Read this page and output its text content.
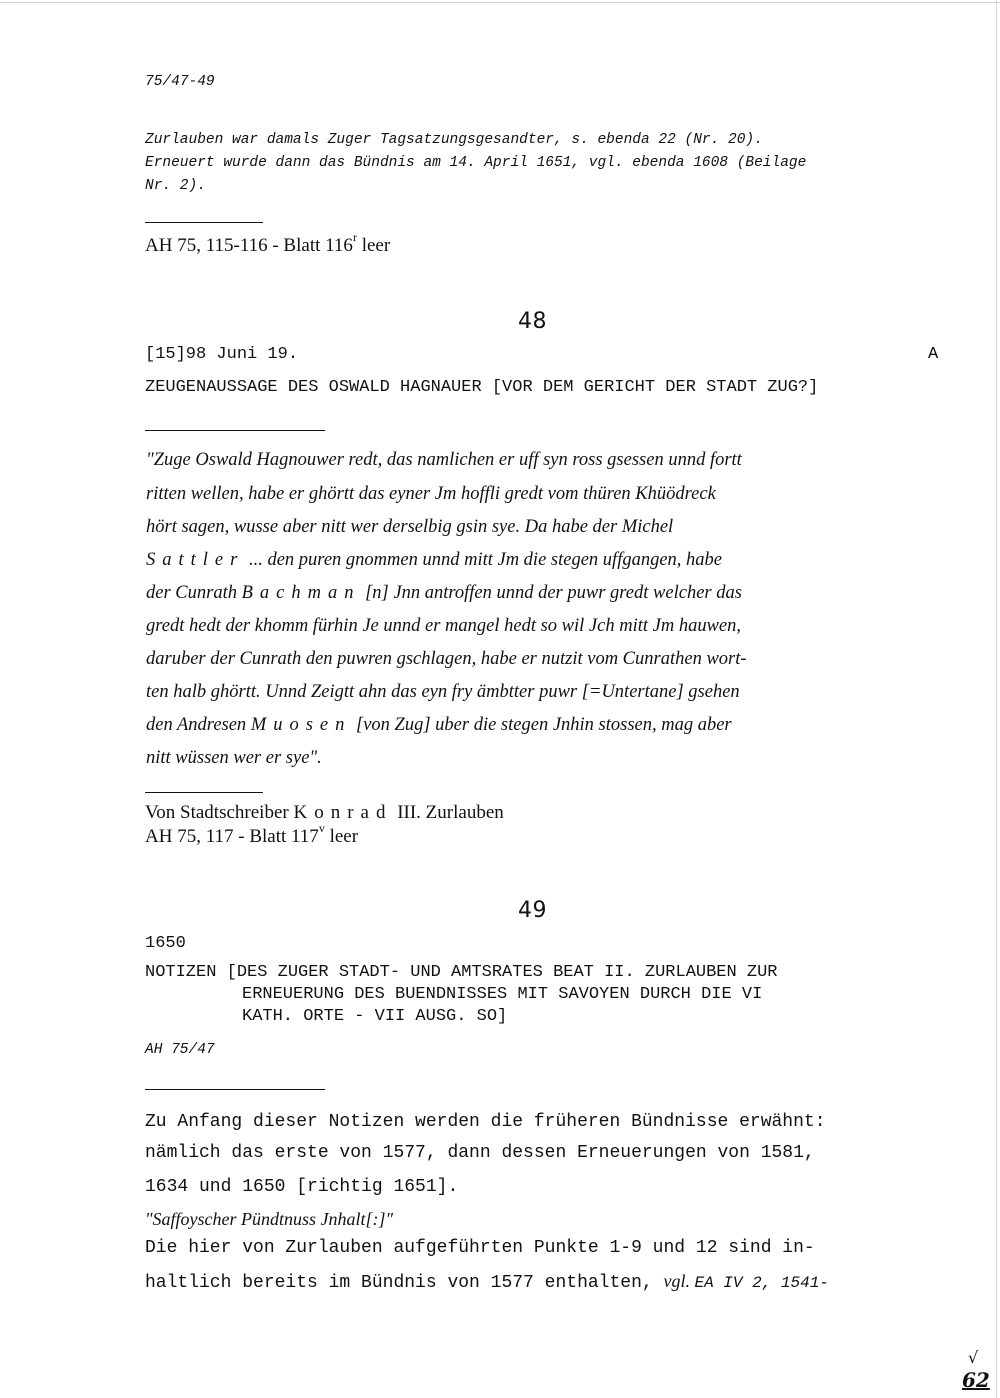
75/47-49
Zurlauben war damals Zuger Tagsatzungsgesandter, s. ebenda 22 (Nr. 20).
Erneuert wurde dann das Bündnis am 14. April 1651, vgl. ebenda 1608 (Beilage
Nr. 2).
AH 75, 115-116 - Blatt 116$^r$ leer
48
[15]98 Juni 19.	A
ZEUGENAUSSAGE DES OSWALD HAGNAUER [VOR DEM GERICHT DER STADT ZUG?]
"Zuge Oswald Hagnouwer redt, das namlichen er uff syn ross gsessen unnd fortt
ritten wellen, habe er ghörtt das eyner Jm hoffli gredt vom thüren Khüödreck
hört sagen, wusse aber nitt wer derselbig gsin sye. Da habe der Michel
Sattler ... den puren gnommen unnd mitt Jm die stegen uffgangen, habe
der Cunrath Bachman [n] Jnn antroffen unnd der puwr gredt welcher das
gredt hedt der khomm fürhin Je unnd er mangel hedt so wil Jch mitt Jm hauwen,
daruber der Cunrath den puwren gschlagen, habe er nutzit vom Cunrathen wort-
ten halb ghörtt. Unnd Zeigtt ahn das eyn fry ämbtter puwr [=Untertane] gsehen
den Andresen Muosen [von Zug] uber die stegen Jnhin stossen, mag aber
nitt wüssen wer er sye".
Von Stadtschreiber Konrad III. Zurlauben
AH 75, 117 - Blatt 117$^v$ leer
49
1650
NOTIZEN [DES ZUGER STADT- UND AMTSRATES BEAT II. ZURLAUBEN ZUR
ERNEUERUNG DES BUENDNISSES MIT SAVOYEN DURCH DIE VI
KATH. ORTE - VII AUSG. SO]
AH 75/47
Zu Anfang dieser Notizen werden die früheren Bündnisse erwähnt:
nämlich das erste von 1577, dann dessen Erneuerungen von 1581,
1634 und 1650 [richtig 1651].
"Saffoyscher Pündtnuss Jnhalt[:]"
Die hier von Zurlauben aufgeführten Punkte 1-9 und 12 sind in-
haltlich bereits im Bündnis von 1577 enthalten, vgl. EA IV 2, 1541-
√
62
